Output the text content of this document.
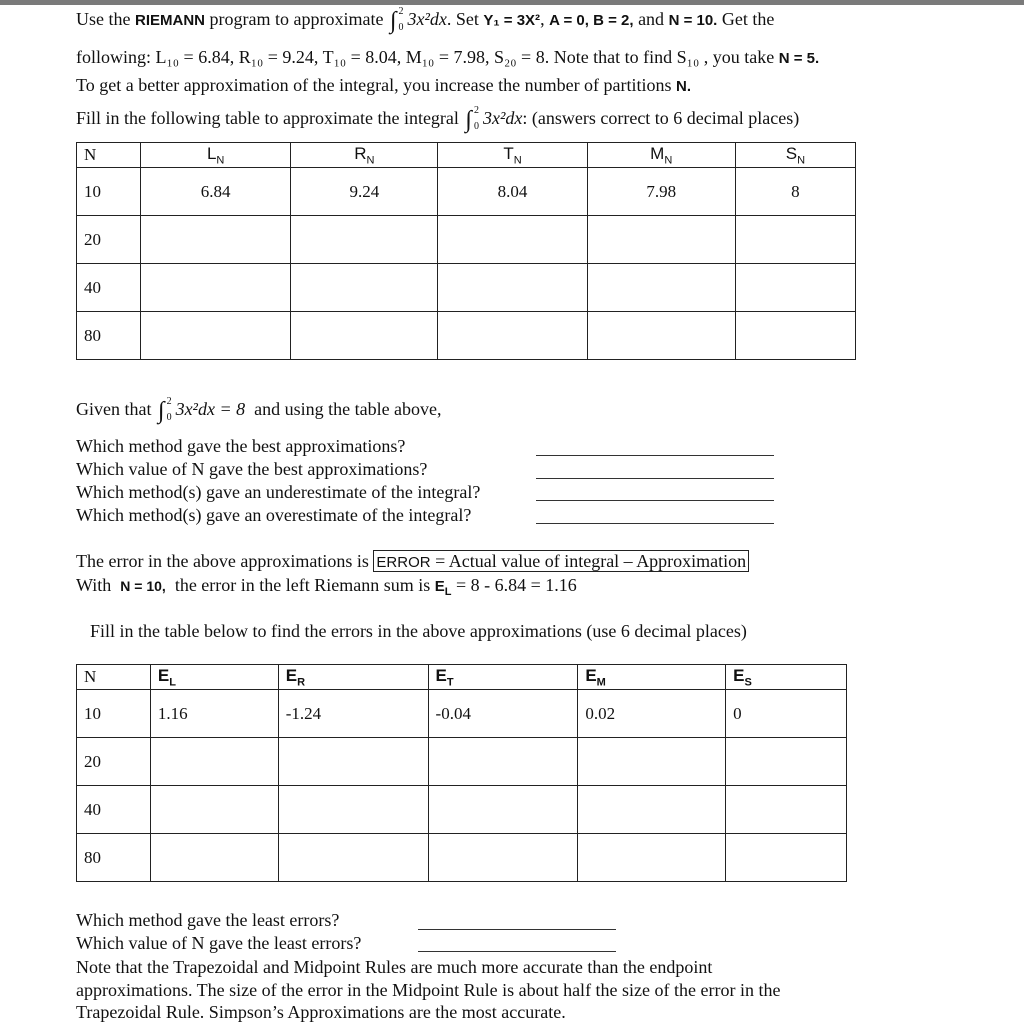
Use the RIEMANN program to approximate ∫ 2
0 3x²dx. Set Y₁ = 3X², A = 0, B = 2, and N = 10. Get the
following: L₁₀ = 6.84, R₁₀ = 9.24, T₁₀ = 8.04, M₁₀ = 7.98, S₂₀ = 8. Note that to find S₁₀ , you take N = 5.
To get a better approximation of the integral, you increase the number of partitions N.
Fill in the following table to approximate the integral ∫ 2
0 3x²dx: (answers correct to 6 decimal places)
N	$L_N$	$R_N$	$T_N$	$M_N$	$S_N$
10	6.84	9.24	8.04	7.98	8
20					
40					
80					
Given that ∫ 2
0 3x²dx = 8 and using the table above,
Which method gave the best approximations?
Which value of N gave the best approximations?
Which method(s) gave an underestimate of the integral?
Which method(s) gave an overestimate of the integral?
The error in the above approximations is ERROR = Actual value of integral – Approximation
With N = 10, the error in the left Riemann sum is $E_L = 8 - 6.84 = 1.16$
Fill in the table below to find the errors in the above approximations (use 6 decimal places)
N	$E_L$	$E_R$	$E_T$	$E_M$	$E_S$
10	1.16	-1.24	-0.04	0.02	0
20					
40					
80					
Which method gave the least errors?
Which value of N gave the least errors?
Note that the Trapezoidal and Midpoint Rules are much more accurate than the endpoint
approximations. The size of the error in the Midpoint Rule is about half the size of the error in the
Trapezoidal Rule. Simpson’s Approximations are the most accurate.
